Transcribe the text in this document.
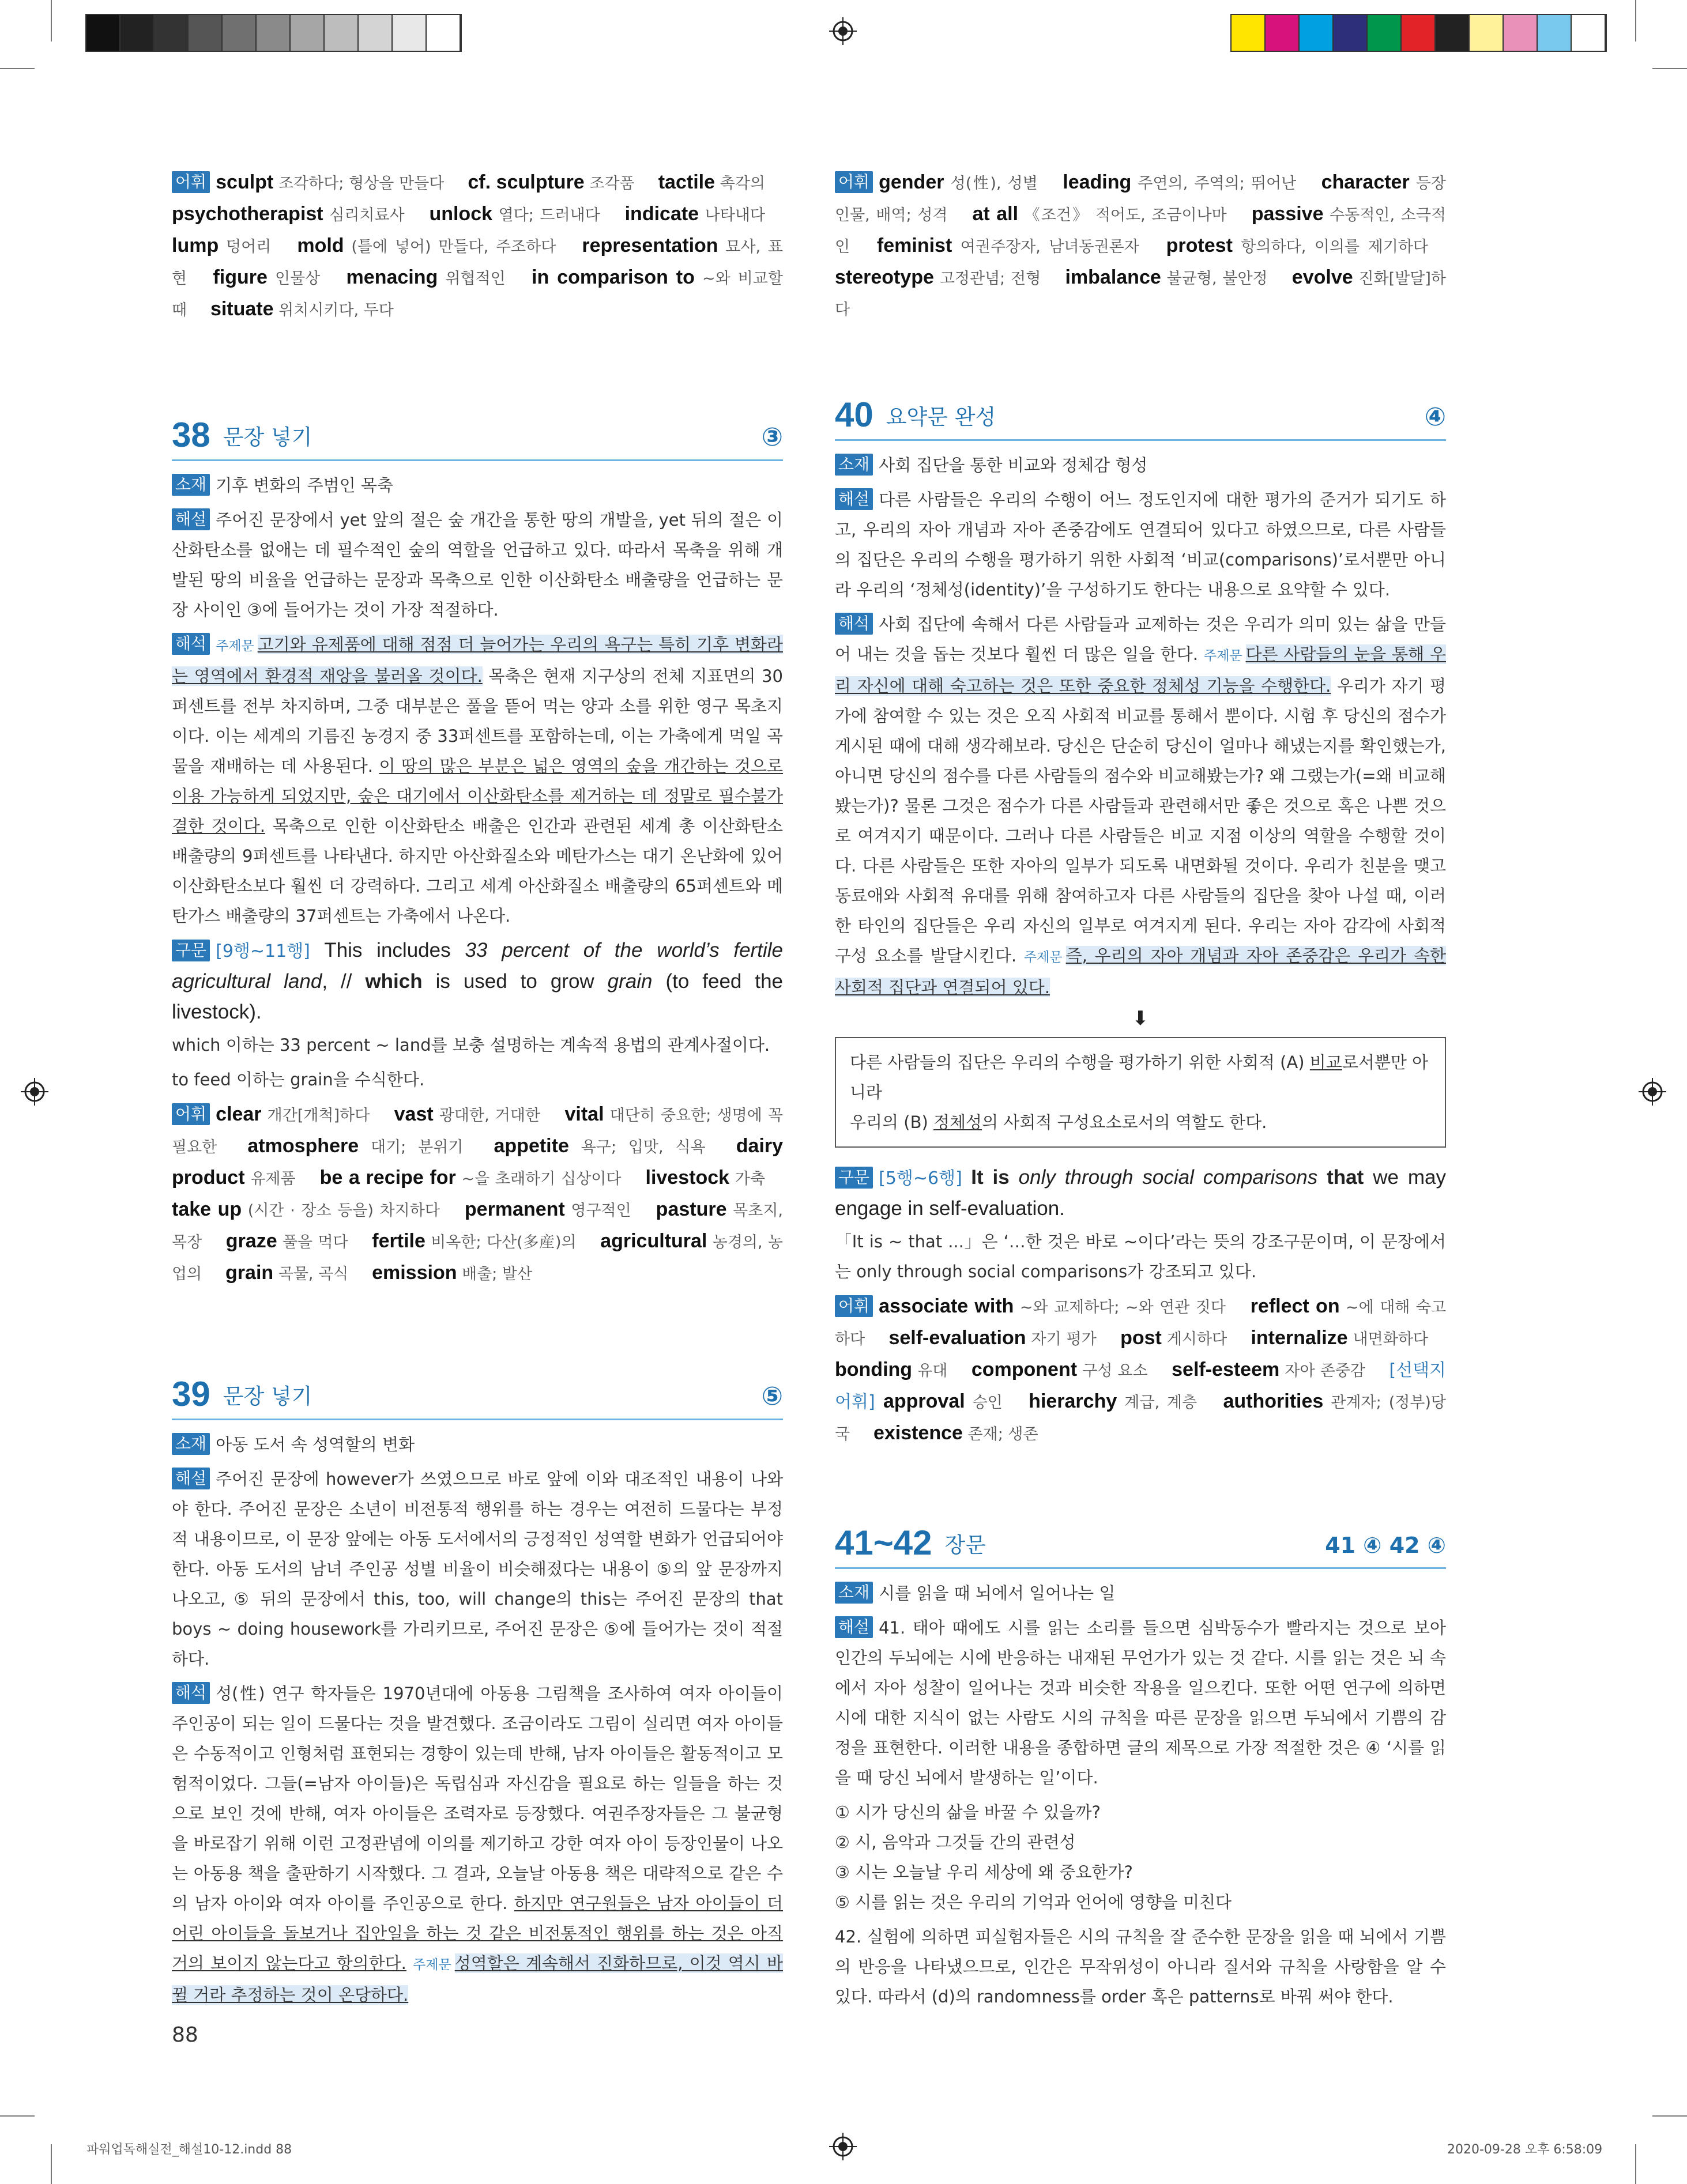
어휘 sculpt 조각하다; 형상을 만들다  cf. sculpture 조각품  tactile 촉각의  psychotherapist 심리치료사  unlock 열다; 드러내다  indicate 나타내다  lump 덩어리  mold (틀에 넣어) 만들다, 주조하다  representation 묘사, 표현  figure 인물상  menacing 위협적인  in comparison to ~와 비교할 때  situate 위치시키다, 두다 
38 문장 넣기	③

소재 기후 변화의 주범인 목축

해설 주어진 문장에서 yet 앞의 절은 숲 개간을 통한 땅의 개발을, yet 뒤의 절은 이산화탄소를 없애는 데 필수적인 숲의 역할을 언급하고 있다. 따라서 목축을 위해 개발된 땅의 비율을 언급하는 문장과 목축으로 인한 이산화탄소 배출량을 언급하는 문장 사이인 ③에 들어가는 것이 가장 적절하다.

해석 주제문 고기와 유제품에 대해 점점 더 늘어가는 우리의 욕구는 특히 기후 변화라는 영역에서 환경적 재앙을 불러올 것이다. 목축은 현재 지구상의 전체 지표면의 30퍼센트를 전부 차지하며, 그중 대부분은 풀을 뜯어 먹는 양과 소를 위한 영구 목초지이다. 이는 세계의 기름진 농경지 중 33퍼센트를 포함하는데, 이는 가축에게 먹일 곡물을 재배하는 데 사용된다. 이 땅의 많은 부분은 넓은 영역의 숲을 개간하는 것으로 이용 가능하게 되었지만, 숲은 대기에서 이산화탄소를 제거하는 데 정말로 필수불가결한 것이다. 목축으로 인한 이산화탄소 배출은 인간과 관련된 세계 총 이산화탄소 배출량의 9퍼센트를 나타낸다. 하지만 아산화질소와 메탄가스는 대기 온난화에 있어 이산화탄소보다 훨씬 더 강력하다. 그리고 세계 아산화질소 배출량의 65퍼센트와 메탄가스 배출량의 37퍼센트는 가축에서 나온다.

구문 [9행~11행] This includes 33 percent of the world’s fertile agricultural land, // which is used to grow grain (to feed the livestock).

which 이하는 33 percent ~ land를 보충 설명하는 계속적 용법의 관계사절이다.

to feed 이하는 grain을 수식한다.

어휘 clear 개간[개척]하다  vast 광대한, 거대한  vital 대단히 중요한; 생명에 꼭 필요한  atmosphere 대기; 분위기  appetite 욕구; 입맛, 식욕  dairy product 유제품  be a recipe for ~을 초래하기 십상이다  livestock 가축  take up (시간 · 장소 등을) 차지하다  permanent 영구적인  pasture 목초지, 목장  graze 풀을 먹다  fertile 비옥한; 다산(多産)의  agricultural 농경의, 농업의  grain 곡물, 곡식  emission 배출; 발산 
39 문장 넣기	⑤

소재 아동 도서 속 성역할의 변화

해설 주어진 문장에 however가 쓰였으므로 바로 앞에 이와 대조적인 내용이 나와야 한다. 주어진 문장은 소년이 비전통적 행위를 하는 경우는 여전히 드물다는 부정적 내용이므로, 이 문장 앞에는 아동 도서에서의 긍정적인 성역할 변화가 언급되어야 한다. 아동 도서의 남녀 주인공 성별 비율이 비슷해졌다는 내용이 ⑤의 앞 문장까지 나오고, ⑤ 뒤의 문장에서 this, too, will change의 this는 주어진 문장의 that boys ~ doing housework를 가리키므로, 주어진 문장은 ⑤에 들어가는 것이 적절하다.

해석 성(性) 연구 학자들은 1970년대에 아동용 그림책을 조사하여 여자 아이들이 주인공이 되는 일이 드물다는 것을 발견했다. 조금이라도 그림이 실리면 여자 아이들은 수동적이고 인형처럼 표현되는 경향이 있는데 반해, 남자 아이들은 활동적이고 모험적이었다. 그들(=남자 아이들)은 독립심과 자신감을 필요로 하는 일들을 하는 것으로 보인 것에 반해, 여자 아이들은 조력자로 등장했다. 여권주장자들은 그 불균형을 바로잡기 위해 이런 고정관념에 이의를 제기하고 강한 여자 아이 등장인물이 나오는 아동용 책을 출판하기 시작했다. 그 결과, 오늘날 아동용 책은 대략적으로 같은 수의 남자 아이와 여자 아이를 주인공으로 한다. 하지만 연구원들은 남자 아이들이 더 어린 아이들을 돌보거나 집안일을 하는 것 같은 비전통적인 행위를 하는 것은 아직 거의 보이지 않는다고 항의한다. 주제문 성역할은 계속해서 진화하므로, 이것 역시 바뀔 거라 추정하는 것이 온당하다.

어휘 gender 성(性), 성별  leading 주연의, 주역의; 뛰어난  character 등장인물, 배역; 성격  at all 《조건》 적어도, 조금이나마  passive 수동적인, 소극적인  feminist 여권주장자, 남녀동권론자  protest 항의하다, 이의를 제기하다  stereotype 고정관념; 전형  imbalance 불균형, 불안정  evolve 진화[발달]하다 
40 요약문 완성	④

소재 사회 집단을 통한 비교와 정체감 형성

해설 다른 사람들은 우리의 수행이 어느 정도인지에 대한 평가의 준거가 되기도 하고, 우리의 자아 개념과 자아 존중감에도 연결되어 있다고 하였으므로, 다른 사람들의 집단은 우리의 수행을 평가하기 위한 사회적 ‘비교(comparisons)’로서뿐만 아니라 우리의 ‘정체성(identity)’을 구성하기도 한다는 내용으로 요약할 수 있다.

해석 사회 집단에 속해서 다른 사람들과 교제하는 것은 우리가 의미 있는 삶을 만들어 내는 것을 돕는 것보다 훨씬 더 많은 일을 한다. 주제문 다른 사람들의 눈을 통해 우리 자신에 대해 숙고하는 것은 또한 중요한 정체성 기능을 수행한다. 우리가 자기 평가에 참여할 수 있는 것은 오직 사회적 비교를 통해서 뿐이다. 시험 후 당신의 점수가 게시된 때에 대해 생각해보라. 당신은 단순히 당신이 얼마나 해냈는지를 확인했는가, 아니면 당신의 점수를 다른 사람들의 점수와 비교해봤는가? 왜 그랬는가(=왜 비교해봤는가)? 물론 그것은 점수가 다른 사람들과 관련해서만 좋은 것으로 혹은 나쁜 것으로 여겨지기 때문이다. 그러나 다른 사람들은 비교 지점 이상의 역할을 수행할 것이다. 다른 사람들은 또한 자아의 일부가 되도록 내면화될 것이다. 우리가 친분을 맺고 동료애와 사회적 유대를 위해 참여하고자 다른 사람들의 집단을 찾아 나설 때, 이러한 타인의 집단들은 우리 자신의 일부로 여겨지게 된다. 우리는 자아 감각에 사회적 구성 요소를 발달시킨다. 주제문 즉, 우리의 자아 개념과 자아 존중감은 우리가 속한 사회적 집단과 연결되어 있다.

⬇
다른 사람들의 집단은 우리의 수행을 평가하기 위한 사회적 (A) 비교로서뿐만 아니라
우리의 (B) 정체성의 사회적 구성요소로서의 역할도 한다.
구문 [5행~6행] It is only through social comparisons that we may engage in self-evaluation.

「It is ~ that ...」은 ‘…한 것은 바로 ~이다’라는 뜻의 강조구문이며, 이 문장에서는 only through social comparisons가 강조되고 있다.

어휘 associate with ~와 교제하다; ~와 연관 짓다  reflect on ~에 대해 숙고하다  self-evaluation 자기 평가  post 게시하다  internalize 내면화하다  bonding 유대  component 구성 요소  self-esteem 자아 존중감  [선택지 어휘] approval 승인  hierarchy 계급, 계층  authorities 관계자; (정부)당국  existence 존재; 생존 
41~42 장문	41 ④ 42 ④

소재 시를 읽을 때 뇌에서 일어나는 일

해설 41. 태아 때에도 시를 읽는 소리를 들으면 심박동수가 빨라지는 것으로 보아 인간의 두뇌에는 시에 반응하는 내재된 무언가가 있는 것 같다. 시를 읽는 것은 뇌 속에서 자아 성찰이 일어나는 것과 비슷한 작용을 일으킨다. 또한 어떤 연구에 의하면 시에 대한 지식이 없는 사람도 시의 규칙을 따른 문장을 읽으면 두뇌에서 기쁨의 감정을 표현한다. 이러한 내용을 종합하면 글의 제목으로 가장 적절한 것은 ④ ‘시를 읽을 때 당신 뇌에서 발생하는 일’이다.

① 시가 당신의 삶을 바꿀 수 있을까?
② 시, 음악과 그것들 간의 관련성
③ 시는 오늘날 우리 세상에 왜 중요한가?
⑤ 시를 읽는 것은 우리의 기억과 언어에 영향을 미친다

42. 실험에 의하면 피실험자들은 시의 규칙을 잘 준수한 문장을 읽을 때 뇌에서 기쁨의 반응을 나타냈으므로, 인간은 무작위성이 아니라 질서와 규칙을 사랑함을 알 수 있다. 따라서 (d)의 randomness를 order 혹은 patterns로 바꿔 써야 한다.

88
파워업독해실전_해설10-12.indd 88	2020-09-28 오후 6:58:09
